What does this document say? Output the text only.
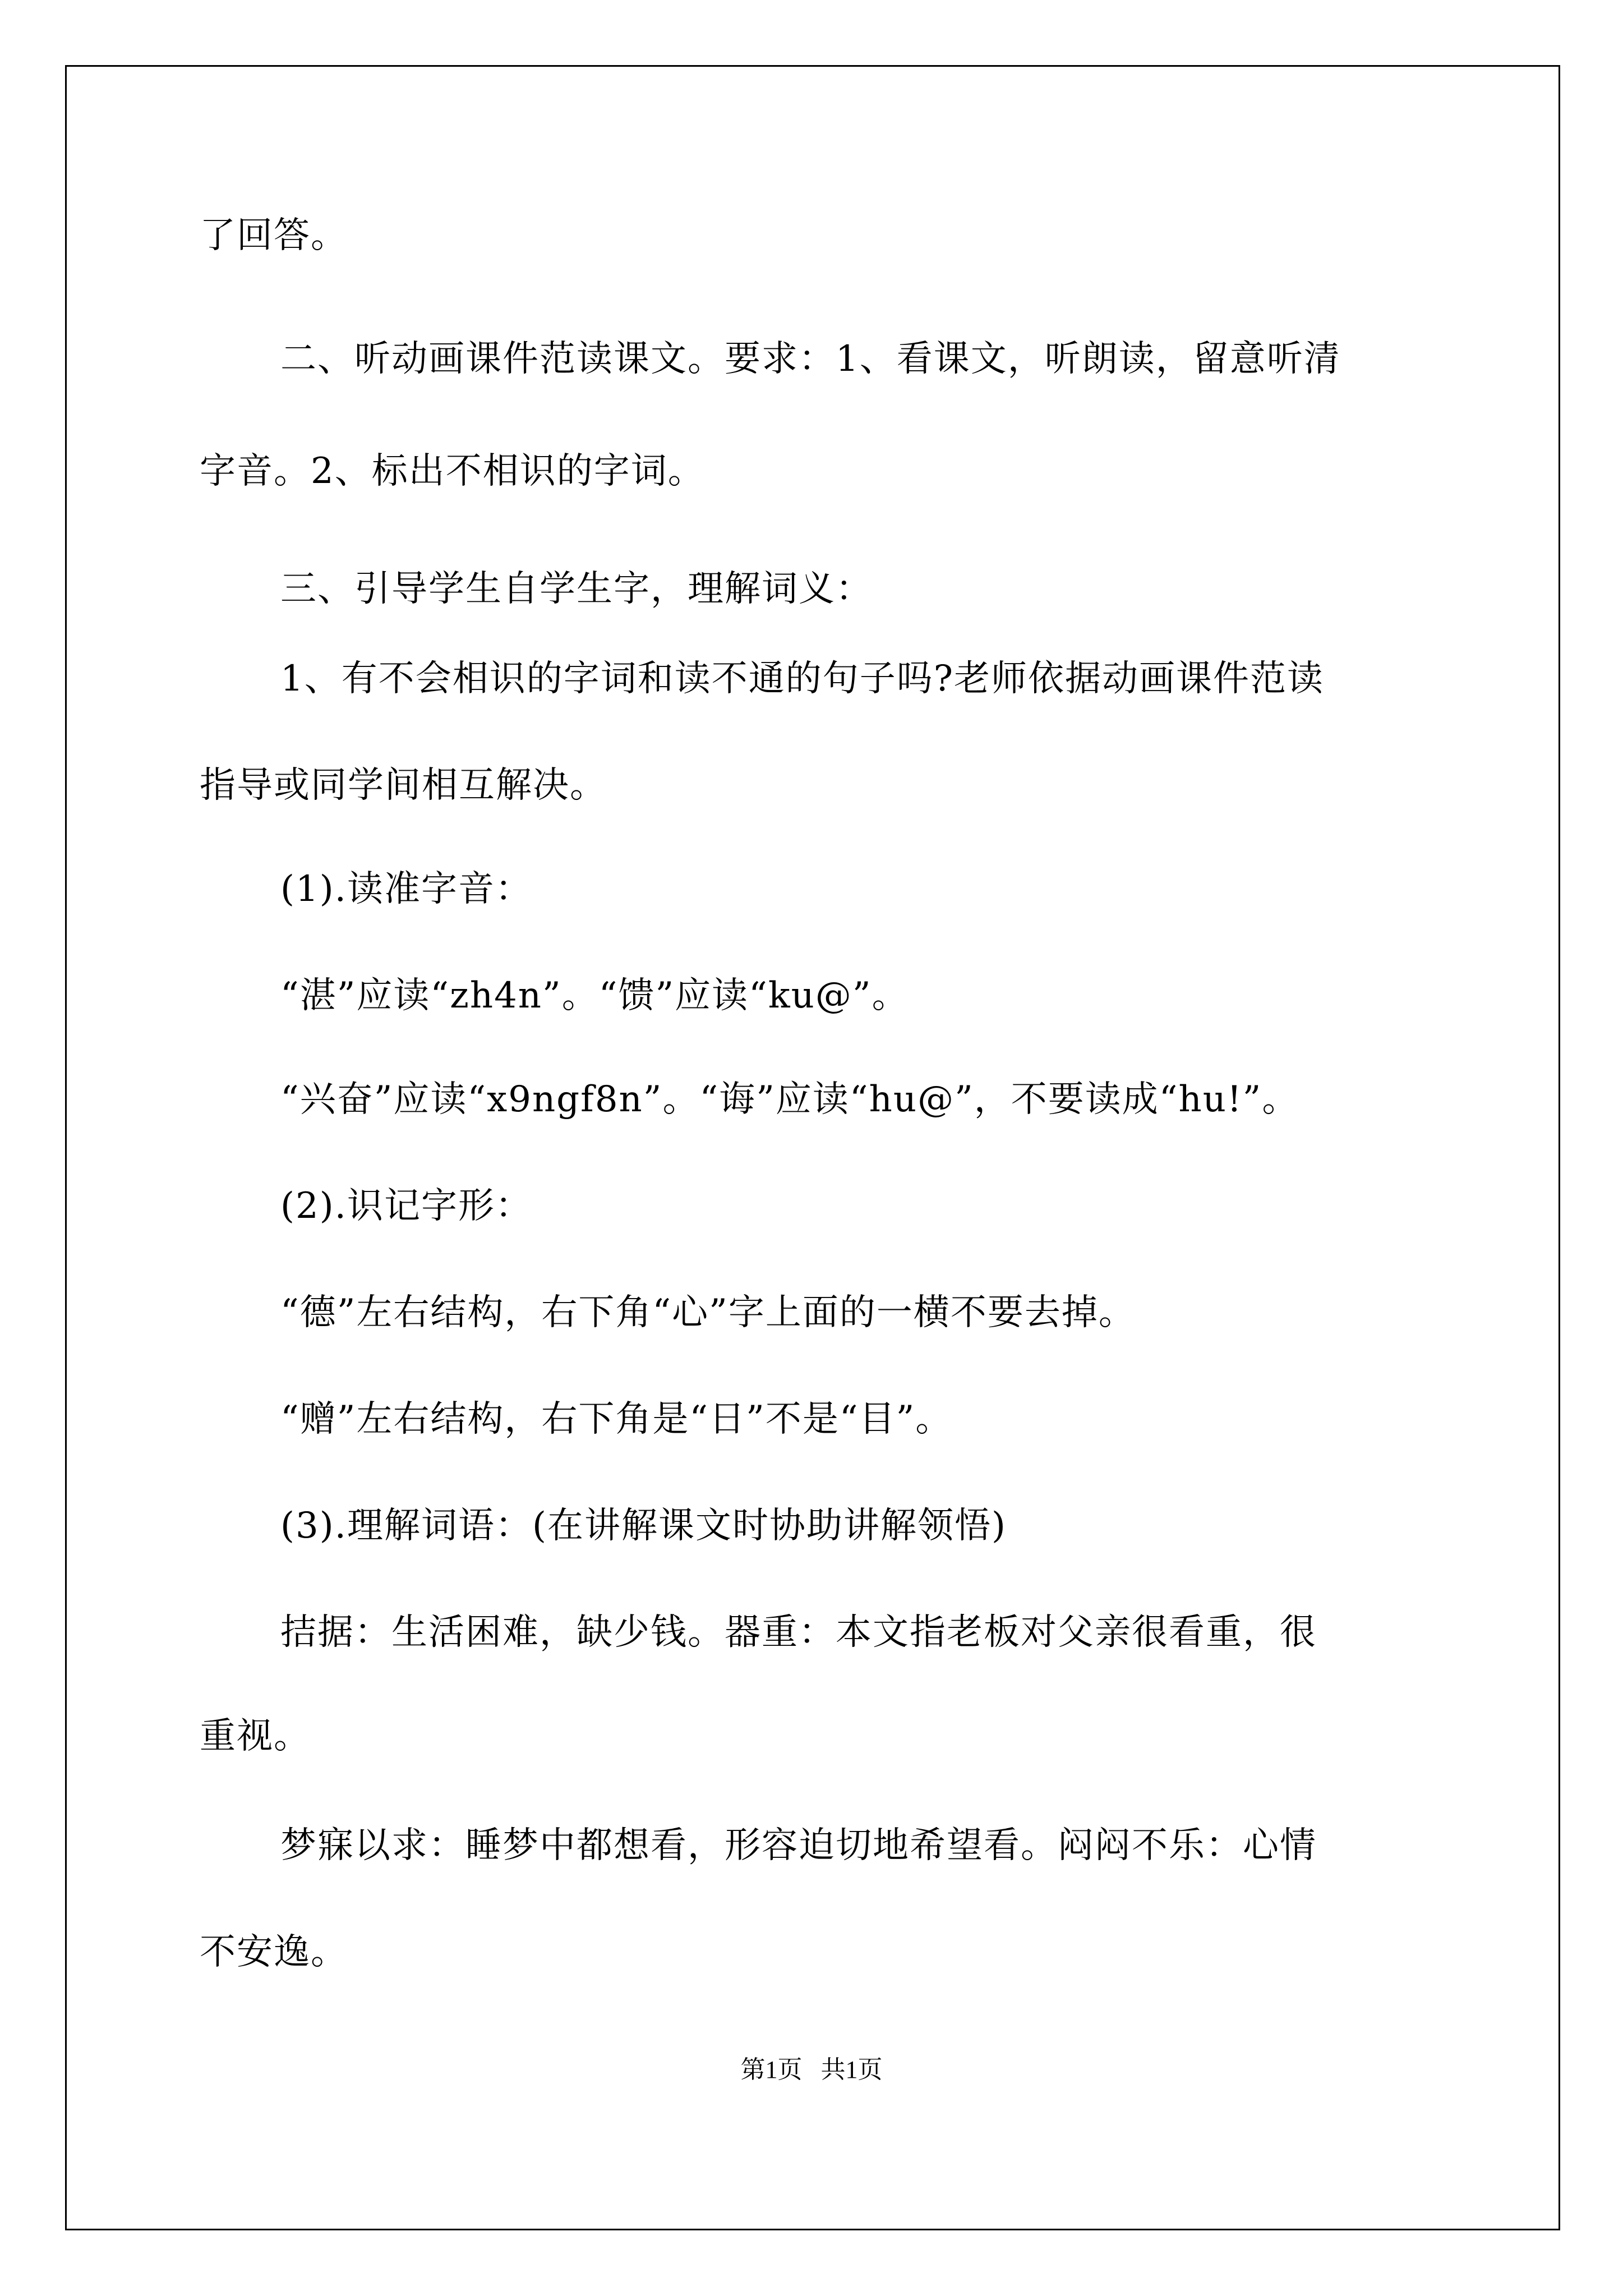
了回答。
二、听动画课件范读课文。要求：1、看课文，听朗读，留意听清
字音。2、标出不相识的字词。
三、引导学生自学生字，理解词义：
1、有不会相识的字词和读不通的句子吗?老师依据动画课件范读
指导或同学间相互解决。
(1).读准字音：
“湛”应读“zh4n”。“馈”应读“ku@”。
“兴奋”应读“x9ngf8n”。“诲”应读“hu@”，不要读成“hu!”。
(2).识记字形：
“德”左右结构，右下角“心”字上面的一横不要去掉。
“赠”左右结构，右下角是“日”不是“目”。
(3).理解词语：(在讲解课文时协助讲解领悟)
拮据：生活困难，缺少钱。器重：本文指老板对父亲很看重，很
重视。
梦寐以求：睡梦中都想看，形容迫切地希望看。闷闷不乐：心情
不安逸。
第1页   共1页
